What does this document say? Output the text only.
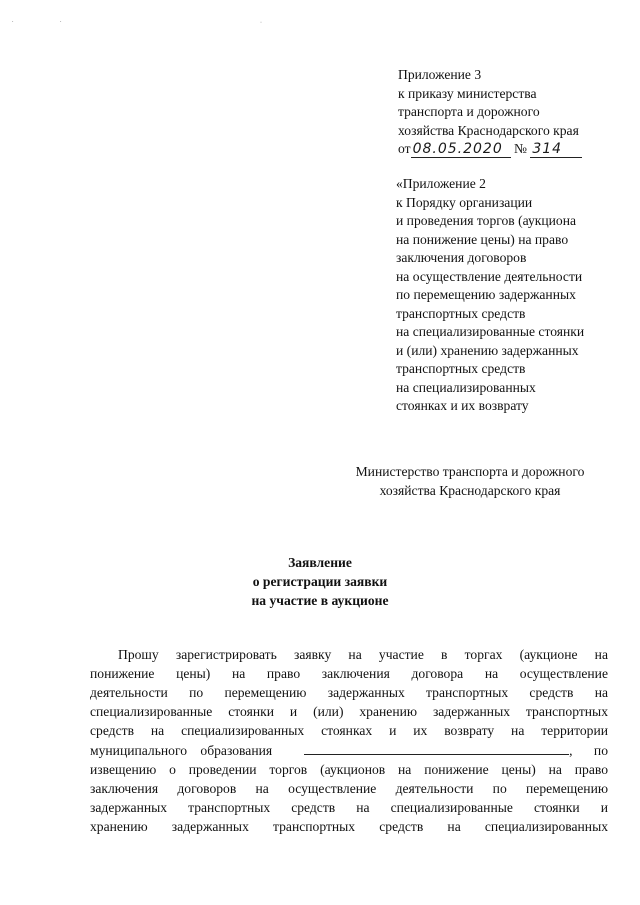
.	.	·
Приложение 3
к приказу министерства
транспорта и дорожного
хозяйства Краснодарского края
от 08.05.2020 № 314
«Приложение 2
к Порядку организации
и проведения торгов (аукциона
на понижение цены) на право
заключения договоров
на осуществление деятельности
по перемещению задержанных
транспортных средств
на специализированные стоянки
и (или) хранению задержанных
транспортных средств
на специализированных
стоянках и их возврату
Министерство транспорта и дорожного
хозяйства Краснодарского края
Заявление
о регистрации заявки
на участие в аукционе
Прошу зарегистрировать заявку на участие в торгах (аукционе на
понижение цены) на право заключения договора на осуществление
деятельности по перемещению задержанных транспортных средств на
специализированные стоянки и (или) хранению задержанных транспортных
средств на специализированных стоянках и их возврату на территории
муниципального образования	, по
извещению о проведении торгов (аукционов на понижение цены) на право
заключения договоров на осуществление деятельности по перемещению
задержанных транспортных средств на специализированные стоянки и
хранению задержанных транспортных средств на специализированных
